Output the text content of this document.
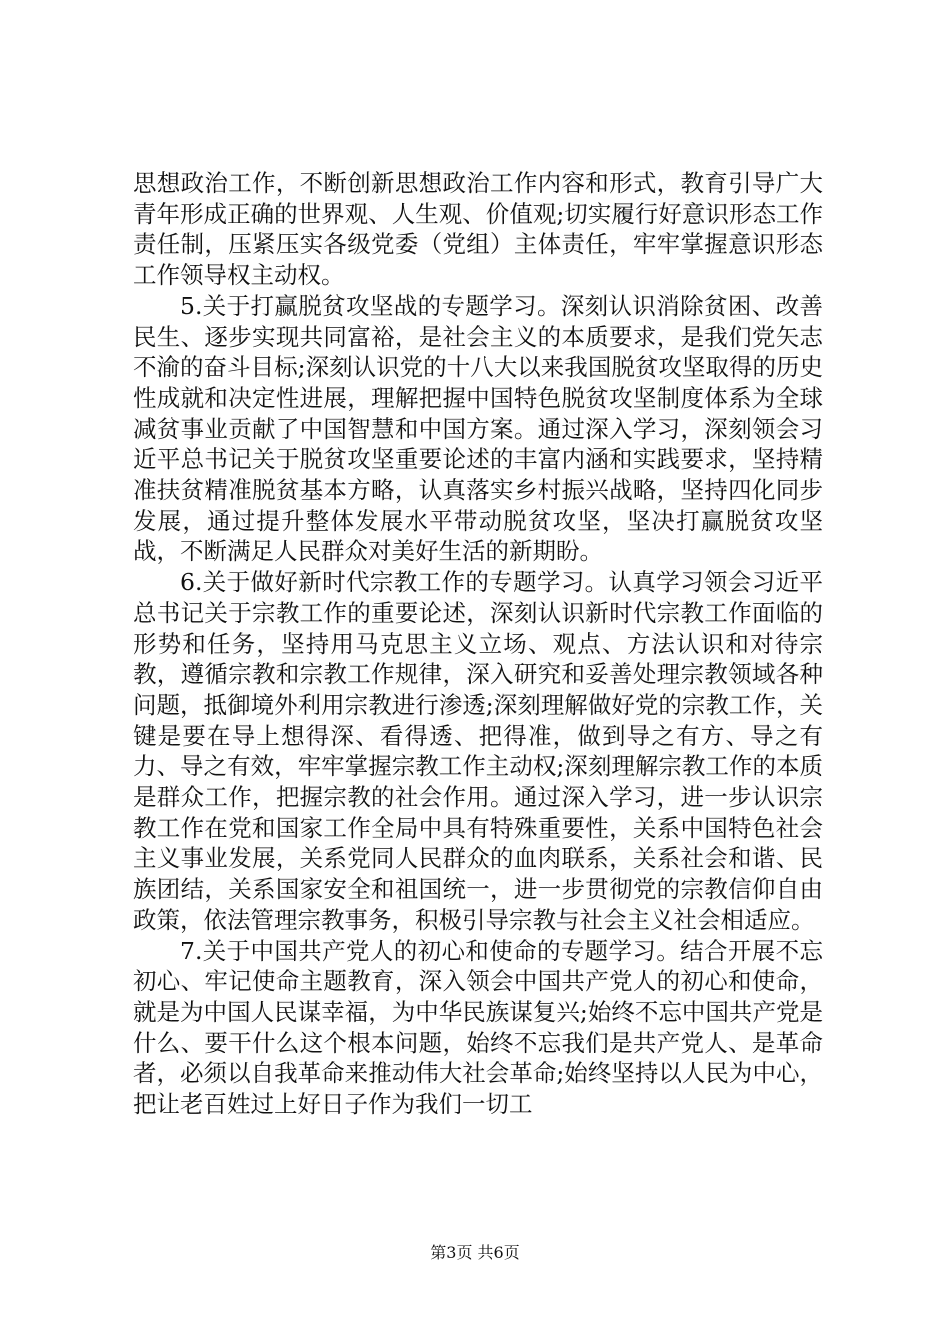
思想政治工作，不断创新思想政治工作内容和形式，教育引导广大青年形成正确的世界观、人生观、价值观;切实履行好意识形态工作责任制，压紧压实各级党委（党组）主体责任，牢牢掌握意识形态工作领导权主动权。

5.关于打赢脱贫攻坚战的专题学习。深刻认识消除贫困、改善民生、逐步实现共同富裕，是社会主义的本质要求，是我们党矢志不渝的奋斗目标;深刻认识党的十八大以来我国脱贫攻坚取得的历史性成就和决定性进展，理解把握中国特色脱贫攻坚制度体系为全球减贫事业贡献了中国智慧和中国方案。通过深入学习，深刻领会习近平总书记关于脱贫攻坚重要论述的丰富内涵和实践要求，坚持精准扶贫精准脱贫基本方略，认真落实乡村振兴战略，坚持四化同步发展，通过提升整体发展水平带动脱贫攻坚，坚决打赢脱贫攻坚战，不断满足人民群众对美好生活的新期盼。

6.关于做好新时代宗教工作的专题学习。认真学习领会习近平总书记关于宗教工作的重要论述，深刻认识新时代宗教工作面临的形势和任务，坚持用马克思主义立场、观点、方法认识和对待宗教，遵循宗教和宗教工作规律，深入研究和妥善处理宗教领域各种问题，抵御境外利用宗教进行渗透;深刻理解做好党的宗教工作，关键是要在导上想得深、看得透、把得准，做到导之有方、导之有力、导之有效，牢牢掌握宗教工作主动权;深刻理解宗教工作的本质是群众工作，把握宗教的社会作用。通过深入学习，进一步认识宗教工作在党和国家工作全局中具有特殊重要性，关系中国特色社会主义事业发展，关系党同人民群众的血肉联系，关系社会和谐、民族团结，关系国家安全和祖国统一，进一步贯彻党的宗教信仰自由政策，依法管理宗教事务，积极引导宗教与社会主义社会相适应。

7.关于中国共产党人的初心和使命的专题学习。结合开展不忘初心、牢记使命主题教育，深入领会中国共产党人的初心和使命，就是为中国人民谋幸福，为中华民族谋复兴;始终不忘中国共产党是什么、要干什么这个根本问题，始终不忘我们是共产党人、是革命者，必须以自我革命来推动伟大社会革命;始终坚持以人民为中心，把让老百姓过上好日子作为我们一切工

第3页 共6页
